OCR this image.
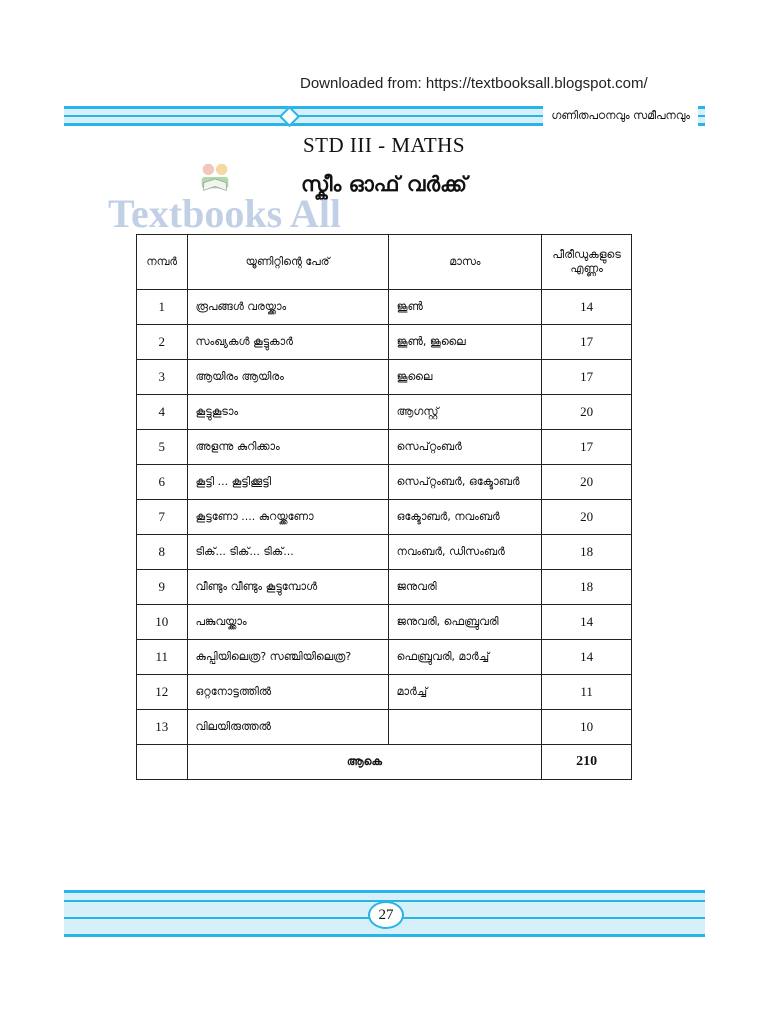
Downloaded from: https://textbooksall.blogspot.com/
ഗണിതപഠനവും സമീപനവും
STD III - MATHS
സ്കീം ഓഫ് വർക്ക്
Textbooks All
നമ്പർ	യൂണിറ്റിന്റെ പേര്	മാസം	പീരീഡുകളുടെ എണ്ണം
1	രൂപങ്ങൾ വരയ്ക്കാം	ജൂൺ	14
2	സംഖ്യകൾ കൂട്ടുകാർ	ജൂൺ, ജൂലൈ	17
3	ആയിരം ആയിരം	ജൂലൈ	17
4	കൂട്ടുകൂടാം	ആഗസ്റ്റ്	20
5	അളന്നു കുറിക്കാം	സെപ്റ്റംബർ	17
6	കൂട്ടി ... കൂട്ടിക്കൂട്ടി	സെപ്റ്റംബർ, ഒക്ടോബർ	20
7	കൂട്ടണോ .... കുറയ്ക്കണോ	ഒക്ടോബർ, നവംബർ	20
8	ടിക്... ടിക്... ടിക്...	നവംബർ, ഡിസംബർ	18
9	വീണ്ടും വീണ്ടും കൂട്ടുമ്പോൾ	ജനുവരി	18
10	പങ്കുവയ്ക്കാം	ജനുവരി, ഫെബ്രുവരി	14
11	കുപ്പിയിലെത്ര? സഞ്ചിയിലെത്ര?	ഫെബ്രുവരി, മാർച്ച്	14
12	ഒറ്റനോട്ടത്തിൽ	മാർച്ച്	11
13	വിലയിരുത്തൽ		10
	ആകെ		210
27
